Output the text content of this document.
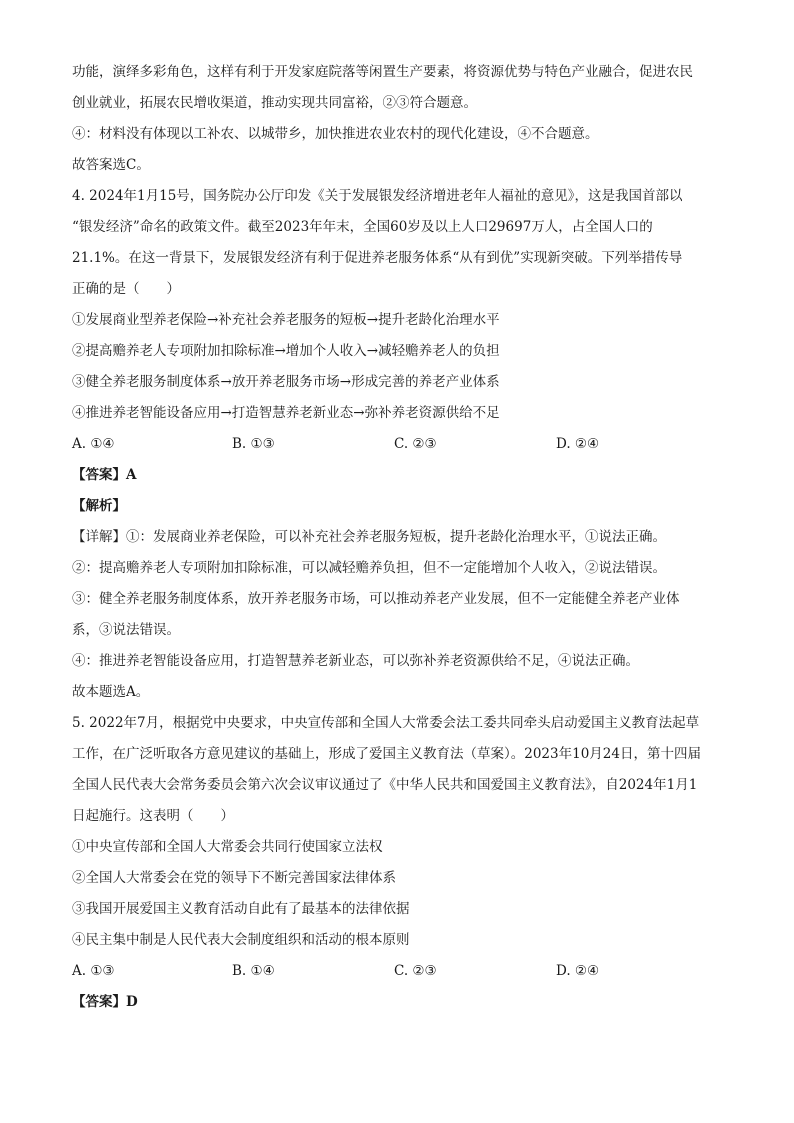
功能，演绎多彩角色，这样有利于开发家庭院落等闲置生产要素，将资源优势与特色产业融合，促进农民
创业就业，拓展农民增收渠道，推动实现共同富裕，②③符合题意。
④：材料没有体现以工补农、以城带乡，加快推进农业农村的现代化建设，④不合题意。
故答案选C。
4. 2024年1月15号，国务院办公厅印发《关于发展银发经济增进老年人福祉的意见》，这是我国首部以
“银发经济”命名的政策文件。截至2023年年末，全国60岁及以上人口29697万人，占全国人口的
21.1%。在这一背景下，发展银发经济有利于促进养老服务体系“从有到优”实现新突破。下列举措传导
正确的是（　　）
①发展商业型养老保险→补充社会养老服务的短板→提升老龄化治理水平
②提高赡养老人专项附加扣除标准→增加个人收入→减轻赡养老人的负担
③健全养老服务制度体系→放开养老服务市场→形成完善的养老产业体系
④推进养老智能设备应用→打造智慧养老新业态→弥补养老资源供给不足
A. ①④	B. ①③	C. ②③	D. ②④
【答案】A
【解析】
【详解】①：发展商业养老保险，可以补充社会养老服务短板，提升老龄化治理水平，①说法正确。
②：提高赡养老人专项附加扣除标准，可以减轻赡养负担，但不一定能增加个人收入，②说法错误。
③：健全养老服务制度体系，放开养老服务市场，可以推动养老产业发展，但不一定能健全养老产业体
系，③说法错误。
④：推进养老智能设备应用，打造智慧养老新业态，可以弥补养老资源供给不足，④说法正确。
故本题选A。
5. 2022年7月，根据党中央要求，中央宣传部和全国人大常委会法工委共同牵头启动爱国主义教育法起草
工作，在广泛听取各方意见建议的基础上，形成了爱国主义教育法（草案）。2023年10月24日，第十四届
全国人民代表大会常务委员会第六次会议审议通过了《中华人民共和国爱国主义教育法》，自2024年1月1
日起施行。这表明（　　）
①中央宣传部和全国人大常委会共同行使国家立法权
②全国人大常委会在党的领导下不断完善国家法律体系
③我国开展爱国主义教育活动自此有了最基本的法律依据
④民主集中制是人民代表大会制度组织和活动的根本原则
A. ①③	B. ①④	C. ②③	D. ②④
【答案】D
